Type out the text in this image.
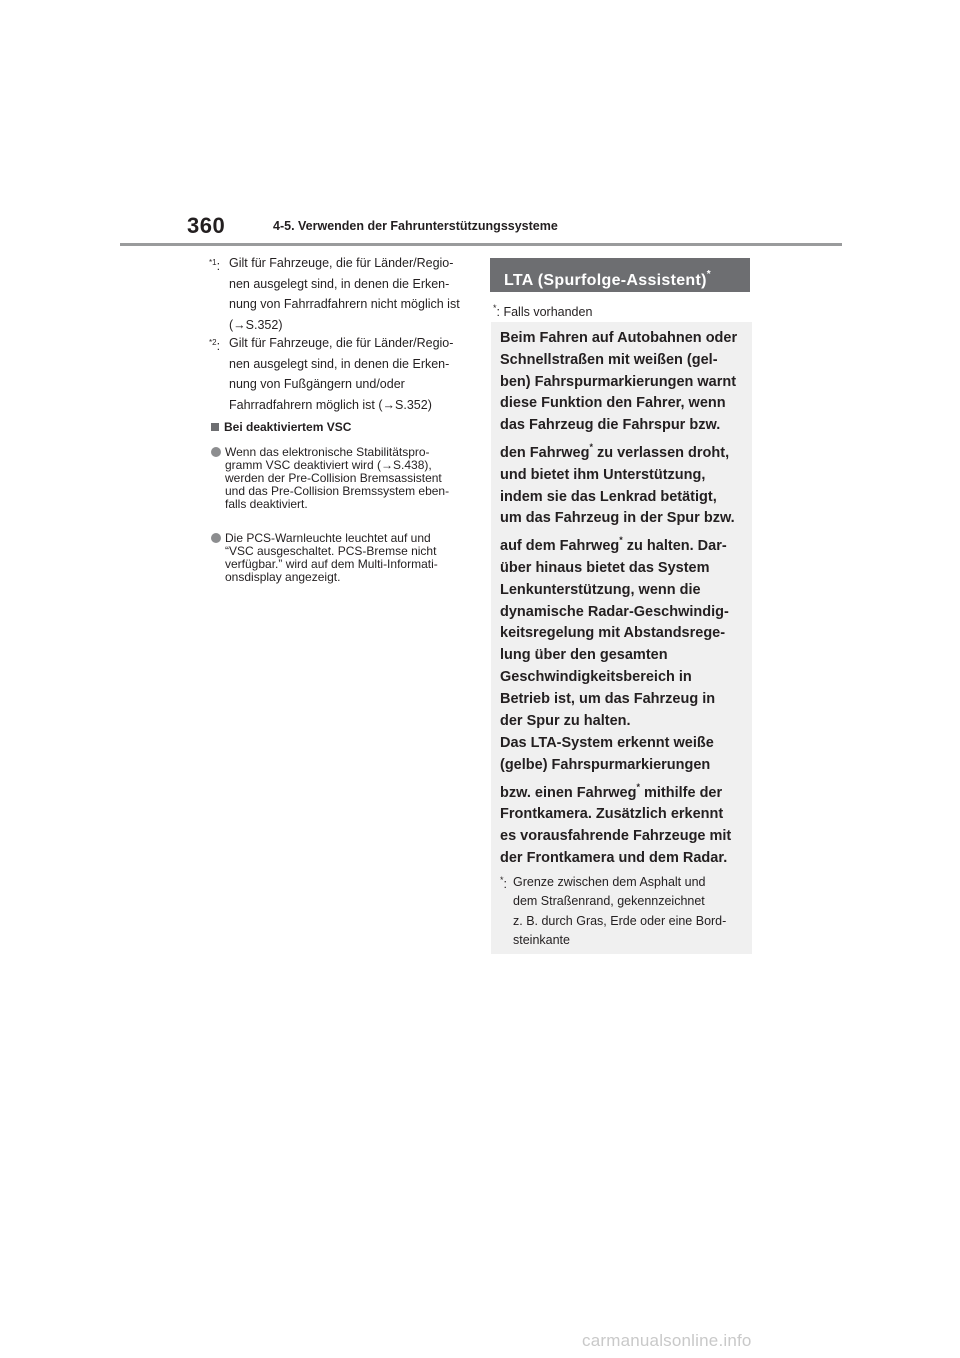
360	4-5. Verwenden der Fahrunterstützungssysteme
$^{*1}$: Gilt für Fahrzeuge, die für Länder/Regio-
nen ausgelegt sind, in denen die Erken-
nung von Fahrradfahrern nicht möglich ist
(→S.352)
$^{*2}$: Gilt für Fahrzeuge, die für Länder/Regio-
nen ausgelegt sind, in denen die Erken-
nung von Fußgängern und/oder
Fahrradfahrern möglich ist (→S.352)
Bei deaktiviertem VSC
Wenn das elektronische Stabilitätspro-
gramm VSC deaktiviert wird (→S.438),
werden der Pre-Collision Bremsassistent
und das Pre-Collision Bremssystem eben-
falls deaktiviert.
Die PCS-Warnleuchte leuchtet auf und
“VSC ausgeschaltet. PCS-Bremse nicht
verfügbar.” wird auf dem Multi-Informati-
onsdisplay angezeigt.
LTA (Spurfolge-Assistent)*
*: Falls vorhanden
Beim Fahren auf Autobahnen oder
Schnellstraßen mit weißen (gel-
ben) Fahrspurmarkierungen warnt
diese Funktion den Fahrer, wenn
das Fahrzeug die Fahrspur bzw.
den Fahrweg* zu verlassen droht,
und bietet ihm Unterstützung,
indem sie das Lenkrad betätigt,
um das Fahrzeug in der Spur bzw.
auf dem Fahrweg* zu halten. Dar-
über hinaus bietet das System
Lenkunterstützung, wenn die
dynamische Radar-Geschwindig-
keitsregelung mit Abstandsrege-
lung über den gesamten
Geschwindigkeitsbereich in
Betrieb ist, um das Fahrzeug in
der Spur zu halten.
Das LTA-System erkennt weiße
(gelbe) Fahrspurmarkierungen
bzw. einen Fahrweg* mithilfe der
Frontkamera. Zusätzlich erkennt
es vorausfahrende Fahrzeuge mit
der Frontkamera und dem Radar.
*: Grenze zwischen dem Asphalt und
dem Straßenrand, gekennzeichnet
z. B. durch Gras, Erde oder eine Bord-
steinkante
carmanualsonline.info
